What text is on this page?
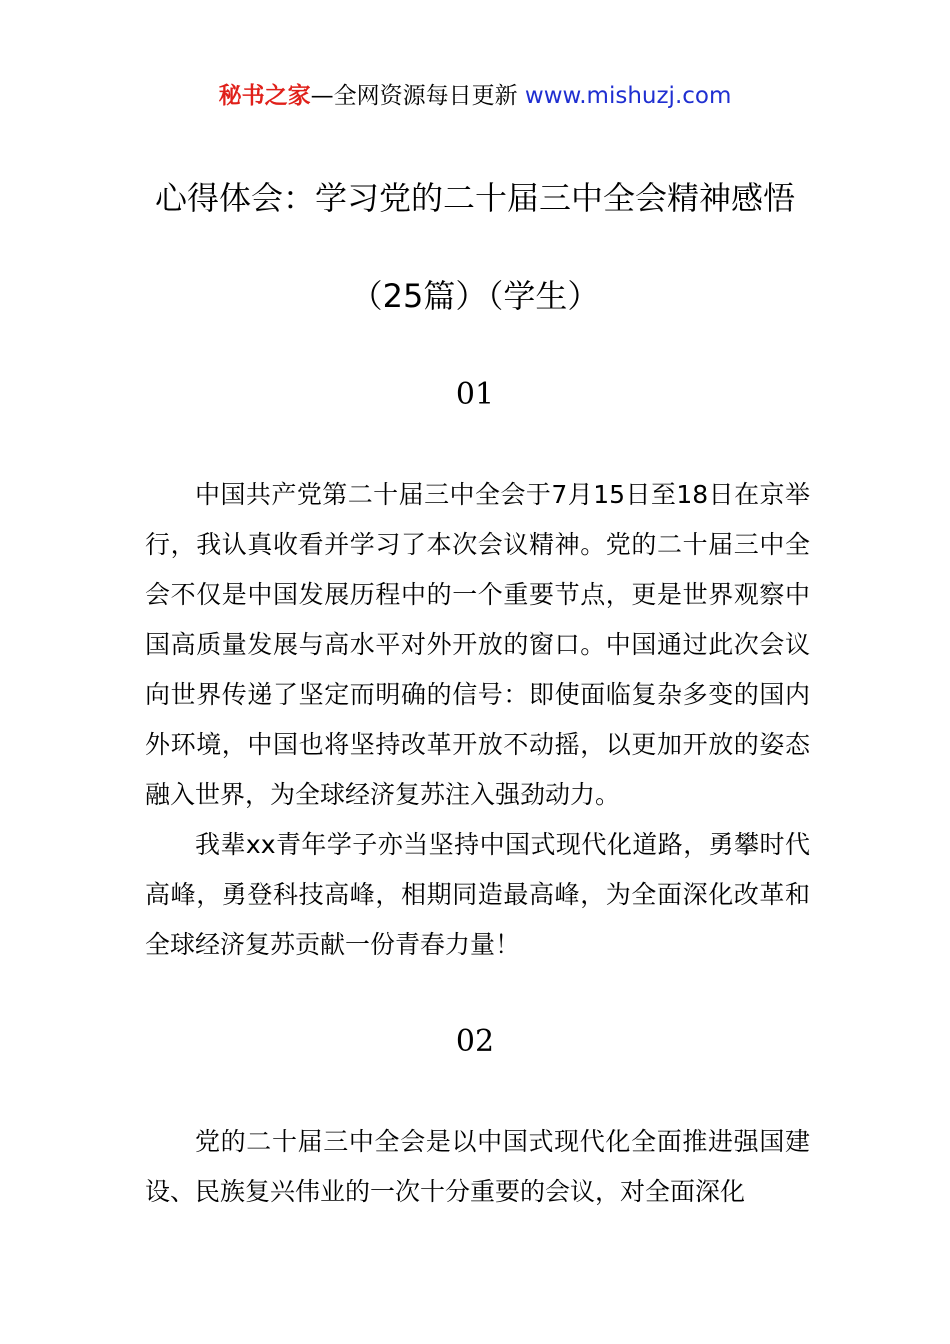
秘书之家—全网资源每日更新 www.mishuzj.com
心得体会：学习党的二十届三中全会精神感悟
（25篇）（学生）
01

中国共产党第二十届三中全会于7月15日至18日在京举行，我认真收看并学习了本次会议精神。党的二十届三中全会不仅是中国发展历程中的一个重要节点，更是世界观察中国高质量发展与高水平对外开放的窗口。中国通过此次会议向世界传递了坚定而明确的信号：即使面临复杂多变的国内外环境，中国也将坚持改革开放不动摇，以更加开放的姿态融入世界，为全球经济复苏注入强劲动力。

我辈xx青年学子亦当坚持中国式现代化道路，勇攀时代高峰，勇登科技高峰，相期同造最高峰，为全面深化改革和全球经济复苏贡献一份青春力量！

02

党的二十届三中全会是以中国式现代化全面推进强国建设、民族复兴伟业的一次十分重要的会议，对全面深化
